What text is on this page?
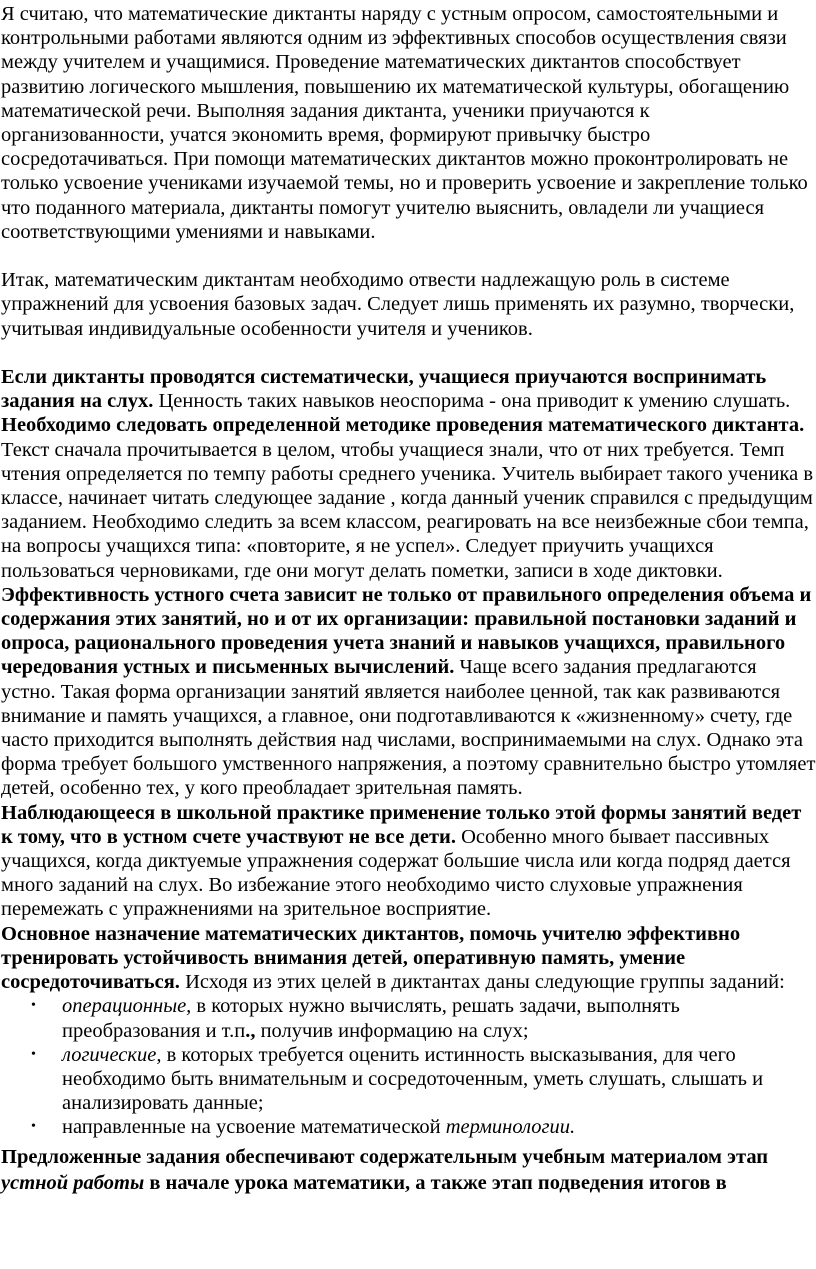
Я считаю, что математические диктанты наряду с устным опросом, самостоятельными и контрольными работами являются одним из эффективных способов осуществления связи между учителем и учащимися. Проведение математических диктантов способствует развитию логического мышления, повышению их математической культуры, обогащению математической речи. Выполняя задания диктанта, ученики приучаются к организованности, учатся экономить время, формируют привычку быстро сосредотачиваться. При помощи математических диктантов можно проконтролировать не только усвоение учениками изучаемой темы, но и проверить усвоение и закрепление только что поданного материала, диктанты помогут учителю выяснить, овладели ли учащиеся соответствующими умениями и навыками.

Итак, математическим диктантам необходимо отвести надлежащую роль в системе упражнений для усвоения базовых задач. Следует лишь применять их разумно, творчески, учитывая индивидуальные особенности учителя и учеников.

Если диктанты проводятся систематически, учащиеся приучаются воспринимать задания на слух. Ценность таких навыков неоспорима - она приводит к умению слушать. Необходимо следовать определенной методике проведения математического диктанта. Текст сначала прочитывается в целом, чтобы учащиеся знали, что от них требуется. Темп чтения определяется по темпу работы среднего ученика. Учитель выбирает такого ученика в классе, начинает читать следующее задание , когда данный ученик справился с предыдущим заданием. Необходимо следить за всем классом, реагировать на все неизбежные сбои темпа, на вопросы учащихся типа: «повторите, я не успел». Следует приучить учащихся пользоваться черновиками, где они могут делать пометки, записи в ходе диктовки.

Эффективность устного счета зависит не только от правильного определения объема и содержания этих занятий, но и от их организации: правильной постановки заданий и опроса, рационального проведения учета знаний и навыков учащихся, правильного чередования устных и письменных вычислений. Чаще всего задания предлагаются устно. Такая форма организации занятий является наиболее ценной, так как развиваются внимание и память учащихся, а главное, они подготавливаются к «жизненному» счету, где часто приходится выполнять действия над числами, воспринимаемыми на слух. Однако эта форма требует большого умственного напряжения, а поэтому сравнительно быстро утомляет детей, особенно тех, у кого преобладает зрительная память.

Наблюдающееся в школьной практике применение только этой формы занятий ведет к тому, что в устном счете участвуют не все дети. Особенно много бывает пассивных учащихся, когда диктуемые упражнения содержат большие числа или когда подряд дается много заданий на слух. Во избежание этого необходимо чисто слуховые упражнения перемежать с упражнениями на зрительное восприятие.

Основное назначение математических диктантов, помочь учителю эффективно тренировать устойчивость внимания детей, оперативную память, умение сосредоточиваться. Исходя из этих целей в диктантах даны следующие группы заданий:

• операционные, в которых нужно вычислять, решать задачи, выполнять преобразования и т.п., получив информацию на слух;
• логические, в которых требуется оценить истинность высказывания, для чего необходимо быть внимательным и сосредоточенным, уметь слушать, слышать и анализировать данные;
• направленные на усвоение математической терминологии.

Предложенные задания обеспечивают содержательным учебным материалом этап устной работы в начале урока математики, а также этап подведения итогов в
